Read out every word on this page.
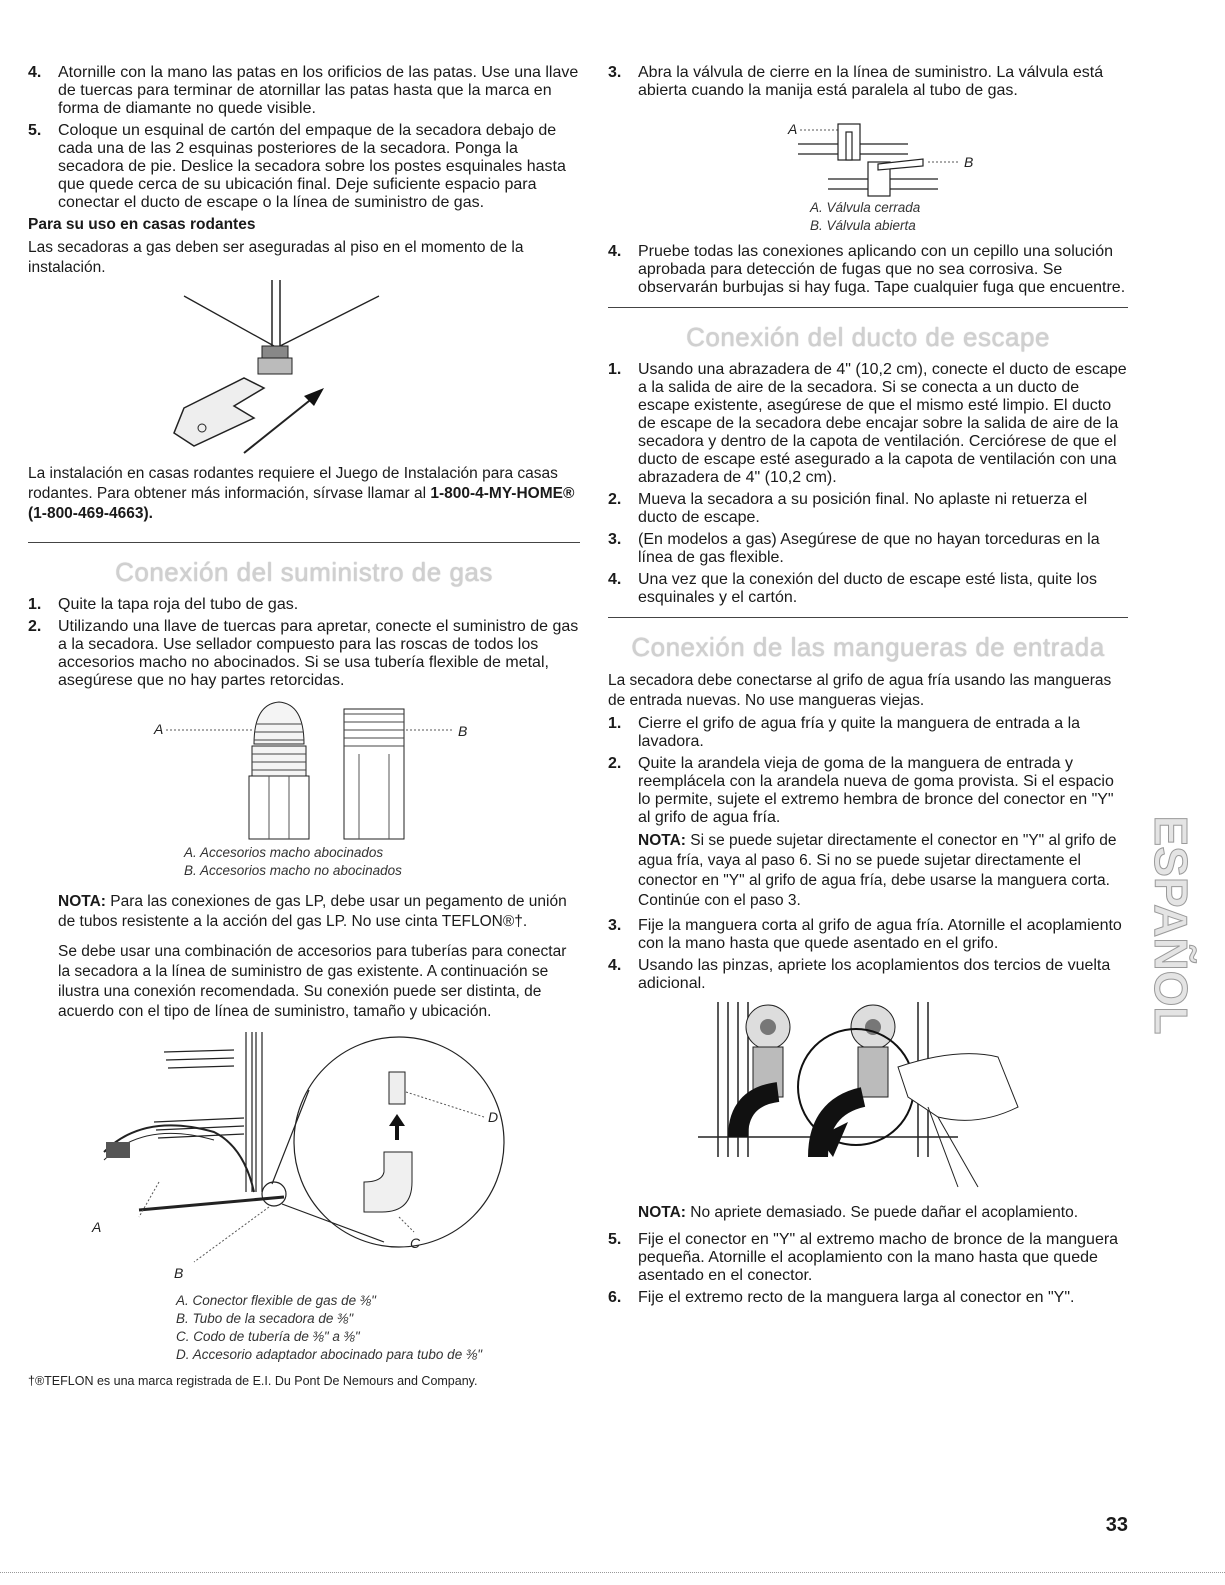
4.	Atornille con la mano las patas en los orificios de las patas. Use una llave de tuercas para terminar de atornillar las patas hasta que la marca en forma de diamante no quede visible.
5.	Coloque un esquinal de cartón del empaque de la secadora debajo de cada una de las 2 esquinas posteriores de la secadora. Ponga la secadora de pie. Deslice la secadora sobre los postes esquinales hasta que quede cerca de su ubicación final. Deje suficiente espacio para conectar el ducto de escape o la línea de suministro de gas.
Para su uso en casas rodantes

Las secadoras a gas deben ser aseguradas al piso en el momento de la instalación.

La instalación en casas rodantes requiere el Juego de Instalación para casas rodantes. Para obtener más información, sírvase llamar al 1-800-4-MY-HOME® (1-800-469-4663).

Conexión del suministro de gas
1.	Quite la tapa roja del tubo de gas.
2.	Utilizando una llave de tuercas para apretar, conecte el suministro de gas a la secadora. Use sellador compuesto para las roscas de todos los accesorios macho no abocinados. Si se usa tubería flexible de metal, asegúrese que no hay partes retorcidas.
A	B
A. Accesorios macho abocinados
B. Accesorios macho no abocinados

NOTA: Para las conexiones de gas LP, debe usar un pegamento de unión de tubos resistente a la acción del gas LP. No use cinta TEFLON®†.

Se debe usar una combinación de accesorios para tuberías para conectar la secadora a la línea de suministro de gas existente. A continuación se ilustra una conexión recomendada. Su conexión puede ser distinta, de acuerdo con el tipo de línea de suministro, tamaño y ubicación.

D
C
A
B
A. Conector flexible de gas de ⅜"
B. Tubo de la secadora de ⅜"
C. Codo de tubería de ⅜" a ⅜"
D. Accesorio adaptador abocinado para tubo de ⅜"
†®TEFLON es una marca registrada de E.I. Du Pont De Nemours and Company.
3.	Abra la válvula de cierre en la línea de suministro. La válvula está abierta cuando la manija está paralela al tubo de gas.
A
B
A. Válvula cerrada
B. Válvula abierta
4.	Pruebe todas las conexiones aplicando con un cepillo una solución aprobada para detección de fugas que no sea corrosiva. Se observarán burbujas si hay fuga. Tape cualquier fuga que encuentre.
Conexión del ducto de escape
1.	Usando una abrazadera de 4" (10,2 cm), conecte el ducto de escape a la salida de aire de la secadora. Si se conecta a un ducto de escape existente, asegúrese de que el mismo esté limpio. El ducto de escape de la secadora debe encajar sobre la salida de aire de la secadora y dentro de la capota de ventilación. Cerciórese de que el ducto de escape esté asegurado a la capota de ventilación con una abrazadera de 4" (10,2 cm).
2.	Mueva la secadora a su posición final. No aplaste ni retuerza el ducto de escape.
3.	(En modelos a gas) Asegúrese de que no hayan torceduras en la línea de gas flexible.
4.	Una vez que la conexión del ducto de escape esté lista, quite los esquinales y el cartón.
Conexión de las mangueras de entrada

La secadora debe conectarse al grifo de agua fría usando las mangueras de entrada nuevas. No use mangueras viejas.

1.	Cierre el grifo de agua fría y quite la manguera de entrada a la lavadora.
2.	Quite la arandela vieja de goma de la manguera de entrada y reemplácela con la arandela nueva de goma provista. Si el espacio lo permite, sujete el extremo hembra de bronce del conector en "Y" al grifo de agua fría.

NOTA: Si se puede sujetar directamente el conector en "Y" al grifo de agua fría, vaya al paso 6. Si no se puede sujetar directamente el conector en "Y" al grifo de agua fría, debe usarse la manguera corta. Continúe con el paso 3.

3.	Fije la manguera corta al grifo de agua fría. Atornille el acoplamiento con la mano hasta que quede asentado en el grifo.
4.	Usando las pinzas, apriete los acoplamientos dos tercios de vuelta adicional.

NOTA: No apriete demasiado. Se puede dañar el acoplamiento.

5.	Fije el conector en "Y" al extremo macho de bronce de la manguera pequeña. Atornille el acoplamiento con la mano hasta que quede asentado en el conector.
6.	Fije el extremo recto de la manguera larga al conector en "Y".
ESPAÑOL
33
